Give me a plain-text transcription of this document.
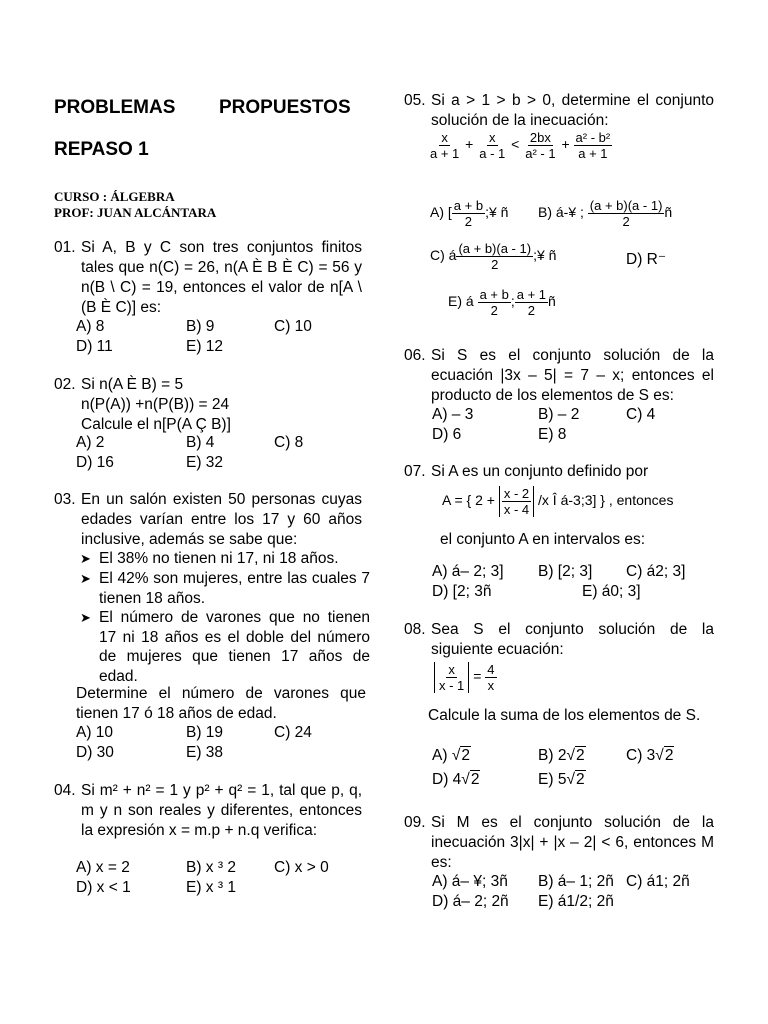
PROBLEMAS PROPUESTOS
REPASO 1
CURSO : ÁLGEBRA
PROF: JUAN ALCÁNTARA
01. Si A, B y C son tres conjuntos finitos tales que n(C) = 26, n(A È B È C) = 56 y n(B \ C) = 19, entonces el valor de n[A \ (B È C)] es:
A) 8	B) 9	C) 10
D) 11	E) 12
02. Si n(A È B) = 5
n(P(A)) +n(P(B)) = 24
Calcule el n[P(A Ç B)]
A) 2	B) 4	C) 8
D) 16	E) 32
03. En un salón existen 50 personas cuyas edades varían entre los 17 y 60 años inclusive, además se sabe que:
➤ El 38% no tienen ni 17, ni 18 años.
➤ El 42% son mujeres, entre las cuales 7 tienen 18 años.
➤ El número de varones que no tienen 17 ni 18 años es el doble del número de mujeres que tienen 17 años de edad.
Determine el número de varones que tienen 17 ó 18 años de edad.
A) 10	B) 19	C) 24
D) 30	E) 38
04. Si m² + n² = 1 y p² + q² = 1, tal que p, q, m y n son reales y diferentes, entonces la expresión x = m.p + n.q verifica:
A) x = 2	B) x ³ 2 C) x > 0
D) x < 1	E) x ³ 1
05. Si a > 1 > b > 0, determine el conjunto solución de la inecuación:
$\frac{x}{a + 1} + \frac{x}{a - 1} < \frac{2bx}{\text{a² - 1}} + \frac{\text{a² - b²}}{a + 1}$
A) [ $\frac{a + b}{2}$ ;¥ ñ B) á-¥ ; $\frac{(a + b)(a - 1)}{2}$ ñ
C) á $\frac{(a + b)(a - 1)}{2}$ ;¥ ñ	D) R⁻
E) á $\frac{a + b}{2}$ ; $\frac{a + 1}{2}$ ñ
06. Si S es el conjunto solución de la ecuación |3x – 5| = 7 – x; entonces el producto de los elementos de S es:
A) – 3	B) – 2	C) 4
D) 6	E) 8
07. Si A es un conjunto definido por
A = { $2 + \frac{x - 2}{x - 4} /x$ Î á-3;3] } , entonces
el conjunto A en intervalos es:
A) á– 2; 3] B) [2; 3] C) á2; 3]
D) [2; 3ñ	E) á0; 3]
08. Sea S el conjunto solución de la siguiente ecuación:
$\frac{x}{x - 1} = \frac{4}{x}$
Calcule la suma de los elementos de S.
A) √2	B) 2√2	C) 3√2
D) 4√2	E) 5√2
09. Si M es el conjunto solución de la inecuación 3|x| + |x – 2| < 6, entonces M es:
A) á– ¥; 3ñ B) á– 1; 2ñ C) á1; 2ñ
D) á– 2; 2ñ E) á1/2; 2ñ
